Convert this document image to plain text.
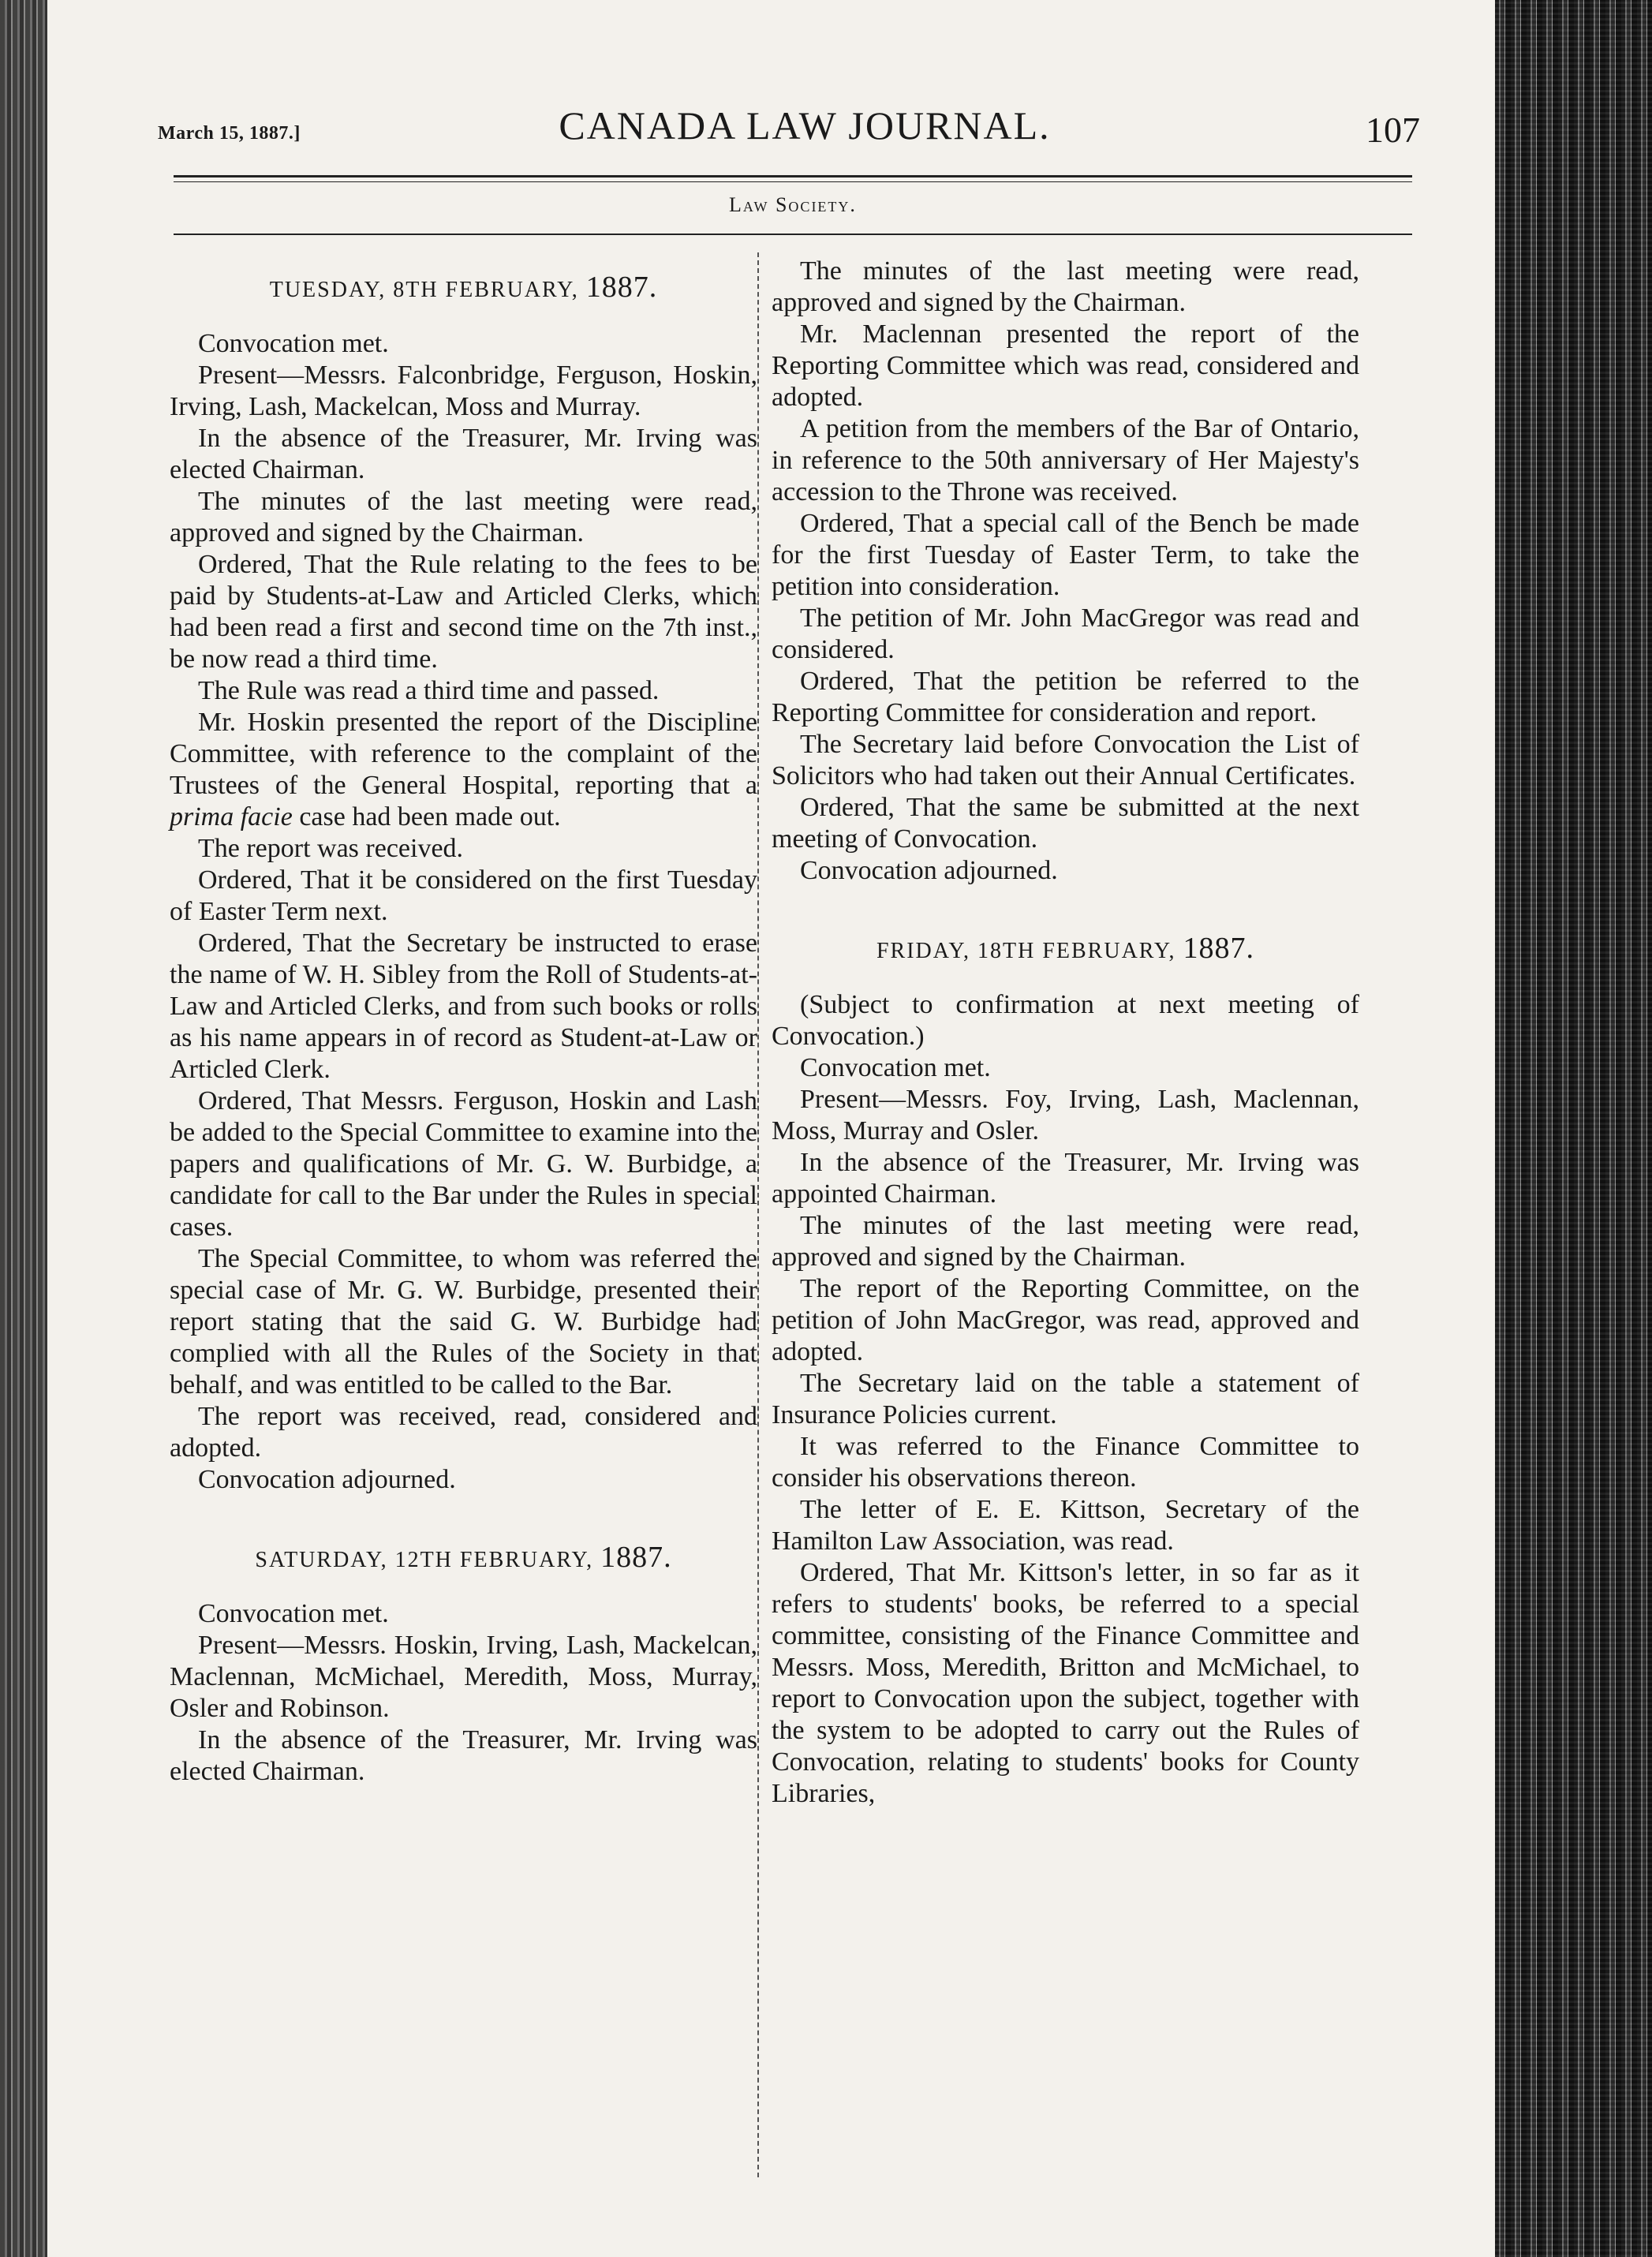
March 15, 1887.]	CANADA LAW JOURNAL.	107
Law Society.

TUESDAY, 8TH FEBRUARY, 1887.

Convocation met.

Present—Messrs. Falconbridge, Ferguson, Hoskin, Irving, Lash, Mackelcan, Moss and Murray.

In the absence of the Treasurer, Mr. Irving was elected Chairman.

The minutes of the last meeting were read, approved and signed by the Chairman.

Ordered, That the Rule relating to the fees to be paid by Students-at-Law and Articled Clerks, which had been read a first and second time on the 7th inst., be now read a third time.

The Rule was read a third time and passed.

Mr. Hoskin presented the report of the Discipline Committee, with reference to the complaint of the Trustees of the General Hospital, reporting that a prima facie case had been made out.

The report was received.

Ordered, That it be considered on the first Tuesday of Easter Term next.

Ordered, That the Secretary be instructed to erase the name of W. H. Sibley from the Roll of Students-at-Law and Articled Clerks, and from such books or rolls as his name appears in of record as Student-at-Law or Articled Clerk.

Ordered, That Messrs. Ferguson, Hoskin and Lash be added to the Special Committee to examine into the papers and qualifications of Mr. G. W. Burbidge, a candidate for call to the Bar under the Rules in special cases.

The Special Committee, to whom was referred the special case of Mr. G. W. Burbidge, presented their report stating that the said G. W. Burbidge had complied with all the Rules of the Society in that behalf, and was entitled to be called to the Bar.

The report was received, read, considered and adopted.

Convocation adjourned.

SATURDAY, 12TH FEBRUARY, 1887.

Convocation met.

Present—Messrs. Hoskin, Irving, Lash, Mackelcan, Maclennan, McMichael, Meredith, Moss, Murray, Osler and Robinson.

In the absence of the Treasurer, Mr. Irving was elected Chairman.

The minutes of the last meeting were read, approved and signed by the Chairman.

Mr. Maclennan presented the report of the Reporting Committee which was read, considered and adopted.

A petition from the members of the Bar of Ontario, in reference to the 50th anniversary of Her Majesty's accession to the Throne was received.

Ordered, That a special call of the Bench be made for the first Tuesday of Easter Term, to take the petition into consideration.

The petition of Mr. John MacGregor was read and considered.

Ordered, That the petition be referred to the Reporting Committee for consideration and report.

The Secretary laid before Convocation the List of Solicitors who had taken out their Annual Certificates.

Ordered, That the same be submitted at the next meeting of Convocation.

Convocation adjourned.

FRIDAY, 18TH FEBRUARY, 1887.

(Subject to confirmation at next meeting of Convocation.)

Convocation met.

Present—Messrs. Foy, Irving, Lash, Maclennan, Moss, Murray and Osler.

In the absence of the Treasurer, Mr. Irving was appointed Chairman.

The minutes of the last meeting were read, approved and signed by the Chairman.

The report of the Reporting Committee, on the petition of John MacGregor, was read, approved and adopted.

The Secretary laid on the table a statement of Insurance Policies current.

It was referred to the Finance Committee to consider his observations thereon.

The letter of E. E. Kittson, Secretary of the Hamilton Law Association, was read.

Ordered, That Mr. Kittson's letter, in so far as it refers to students' books, be referred to a special committee, consisting of the Finance Committee and Messrs. Moss, Meredith, Britton and McMichael, to report to Convocation upon the subject, together with the system to be adopted to carry out the Rules of Convocation, relating to students' books for County Libraries,
